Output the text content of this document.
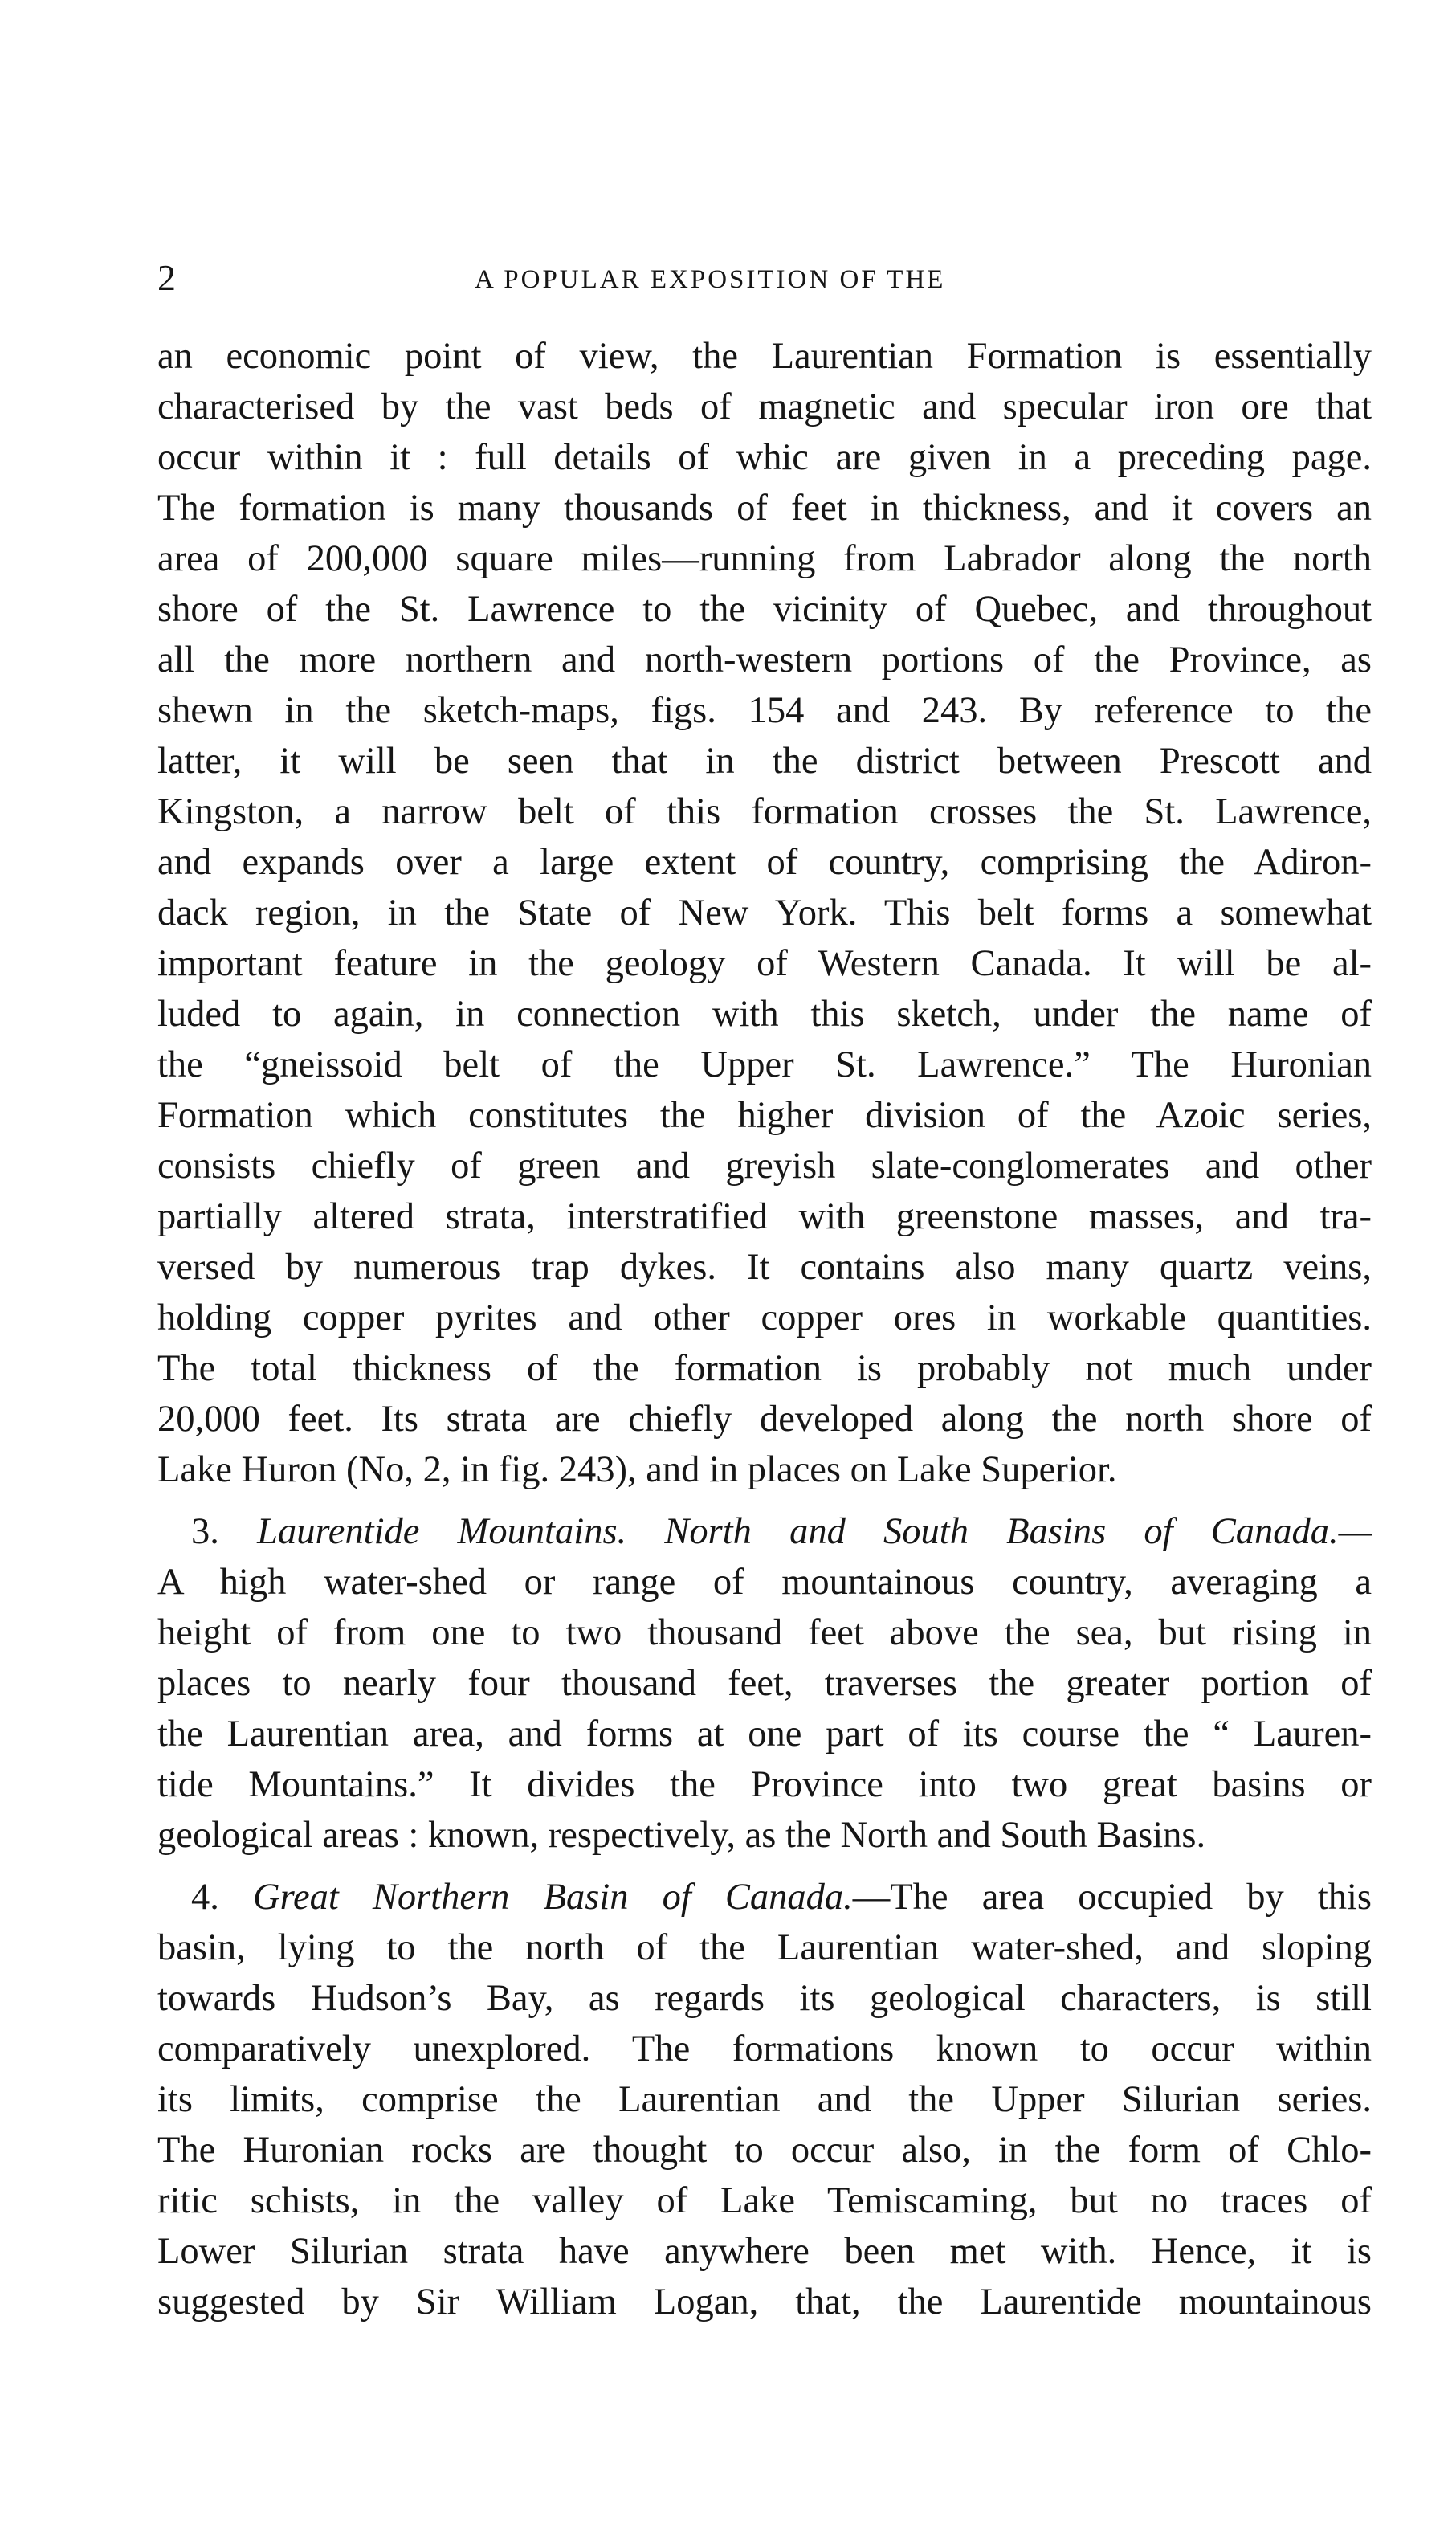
2	A POPULAR EXPOSITION OF THE
an economic point of view, the Laurentian Formation is essentially
characterised by the vast beds of magnetic and specular iron ore that
occur within it : full details of whic are given in a preceding page.
The formation is many thousands of feet in thickness, and it covers an
area of 200,000 square miles—running from Labrador along the north
shore of the St. Lawrence to the vicinity of Quebec, and throughout
all the more northern and north-western portions of the Province, as
shewn in the sketch-maps, figs. 154 and 243. By reference to the
latter, it will be seen that in the district between Prescott and
Kingston, a narrow belt of this formation crosses the St. Lawrence,
and expands over a large extent of country, comprising the Adiron-
dack region, in the State of New York. This belt forms a somewhat
important feature in the geology of Western Canada. It will be al-
luded to again, in connection with this sketch, under the name of
the “gneissoid belt of the Upper St. Lawrence.” The Huronian
Formation which constitutes the higher division of the Azoic series,
consists chiefly of green and greyish slate-conglomerates and other
partially altered strata, interstratified with greenstone masses, and tra-
versed by numerous trap dykes. It contains also many quartz veins,
holding copper pyrites and other copper ores in workable quantities.
The total thickness of the formation is probably not much under
20,000 feet. Its strata are chiefly developed along the north shore of
Lake Huron (No, 2, in fig. 243), and in places on Lake Superior.
3. Laurentide Mountains. North and South Basins of Canada.—
A high water-shed or range of mountainous country, averaging a
height of from one to two thousand feet above the sea, but rising in
places to nearly four thousand feet, traverses the greater portion of
the Laurentian area, and forms at one part of its course the “ Lauren-
tide Mountains.” It divides the Province into two great basins or
geological areas : known, respectively, as the North and South Basins.
4. Great Northern Basin of Canada.—The area occupied by this
basin, lying to the north of the Laurentian water-shed, and sloping
towards Hudson’s Bay, as regards its geological characters, is still
comparatively unexplored. The formations known to occur within
its limits, comprise the Laurentian and the Upper Silurian series.
The Huronian rocks are thought to occur also, in the form of Chlo-
ritic schists, in the valley of Lake Temiscaming, but no traces of
Lower Silurian strata have anywhere been met with. Hence, it is
suggested by Sir William Logan, that, the Laurentide mountainous
